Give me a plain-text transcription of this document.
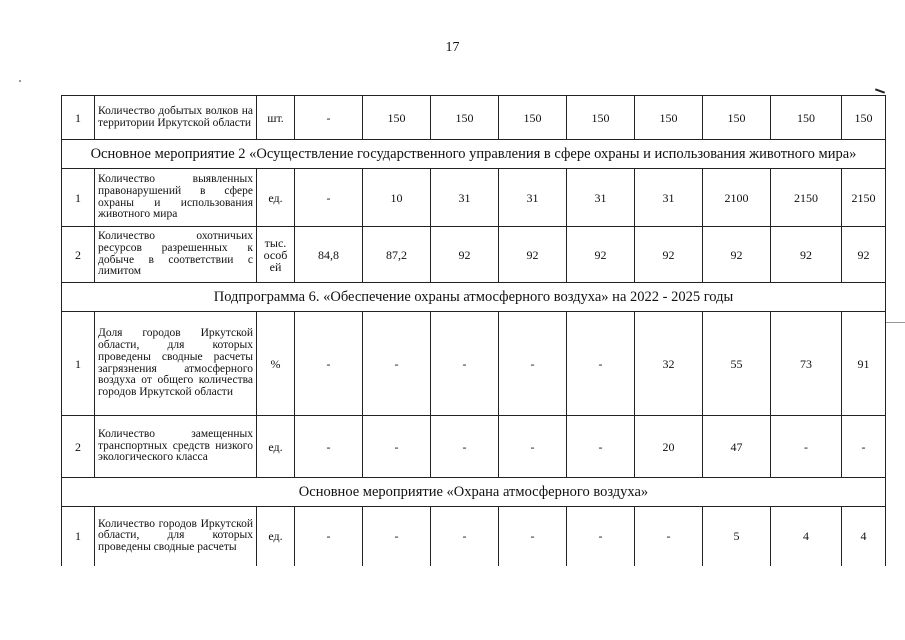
17
1	Количество добытых волков на территории Иркутской области	шт.	-	150	150	150	150	150	150	150	150
Основное мероприятие 2 «Осуществление государственного управления в сфере охраны и использования животного мира»											
1	Количество выявленных правонарушений в сфере охраны и использования животного мира	ед.	-	10	31	31	31	31	2100	2150	2150
2	Количество охотничьих ресурсов разрешенных к добыче в соответствии с лимитом	тыс. особ ей	84,8	87,2	92	92	92	92	92	92	92
Подпрограмма 6. «Обеспечение охраны атмосферного воздуха» на 2022 - 2025 годы											
1	Доля городов Иркутской области, для которых проведены сводные расчеты загрязнения атмосферного воздуха от общего количества городов Иркутской области	%	-	-	-	-	-	32	55	73	91
2	Количество замещенных транспортных средств низкого экологического класса	ед.	-	-	-	-	-	20	47	-	-
Основное мероприятие «Охрана атмосферного воздуха»											
1	Количество городов Иркутской области, для которых проведены сводные расчеты	ед.	-	-	-	-	-	-	5	4	4
